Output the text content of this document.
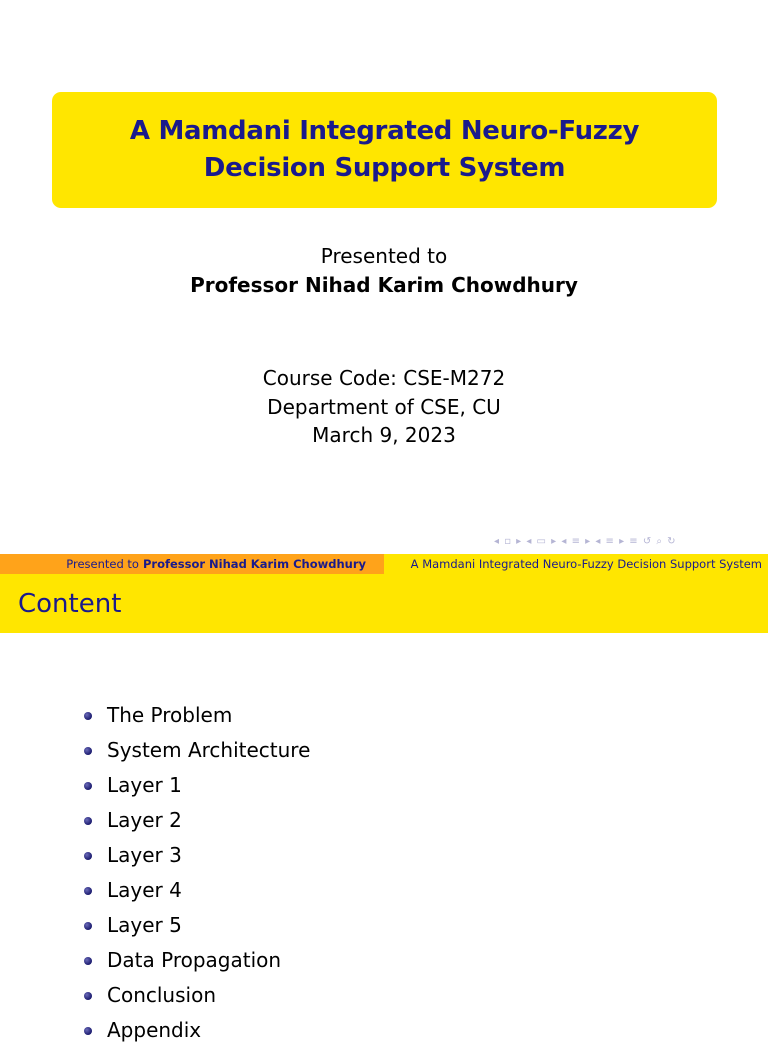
A Mamdani Integrated Neuro-Fuzzy Decision Support System
Presented to
Professor Nihad Karim Chowdhury
Course Code: CSE-M272
Department of CSE, CU
March 9, 2023
◂ ▫ ▸ ◂ ▭ ▸ ◂ ≡ ▸ ◂ ≡ ▸ ≡ ↺ ⌕ ↻
Presented to Professor Nihad Karim Chowdhury	A Mamdani Integrated Neuro-Fuzzy Decision Support System
Content
The Problem
System Architecture
Layer 1
Layer 2
Layer 3
Layer 4
Layer 5
Data Propagation
Conclusion
Appendix
